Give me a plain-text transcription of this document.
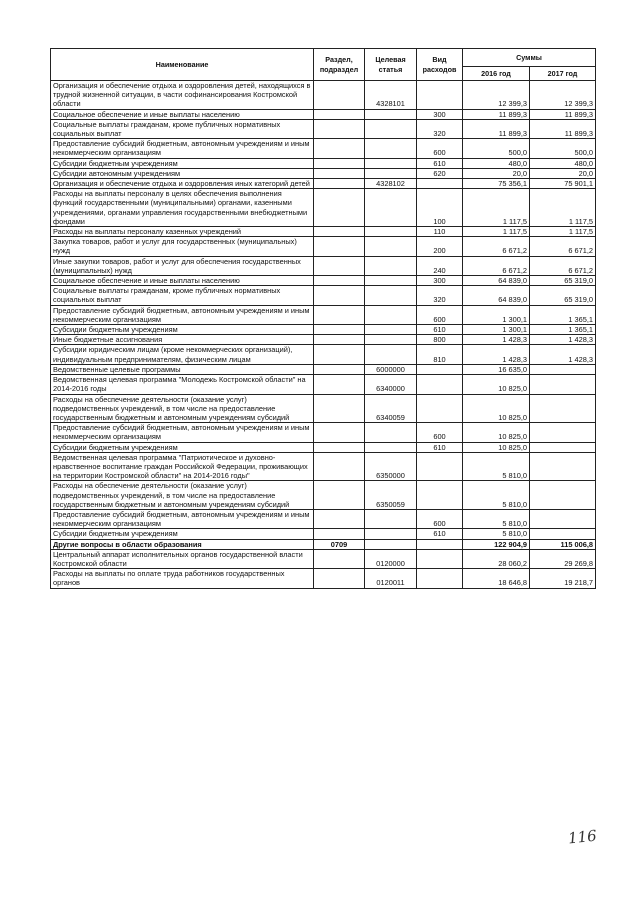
Наименование	Раздел, подраздел	Целевая статья	Вид расходов	Суммы	
				2016 год	2017 год
Организация и обеспечение отдыха и оздоровления детей, находящихся в трудной жизненной ситуации, в части софинансирования Костромской области		4328101		12 399,3	12 399,3
Социальное обеспечение и иные выплаты населению			300	11 899,3	11 899,3
Социальные выплаты гражданам, кроме публичных нормативных социальных выплат			320	11 899,3	11 899,3
Предоставление субсидий бюджетным, автономным учреждениям и иным некоммерческим организациям			600	500,0	500,0
Субсидии бюджетным учреждениям			610	480,0	480,0
Субсидии автономным учреждениям			620	20,0	20,0
Организация и обеспечение отдыха и оздоровления иных категорий детей		4328102		75 356,1	75 901,1
Расходы на выплаты персоналу в целях обеспечения выполнения функций государственными (муниципальными) органами, казенными учреждениями, органами управления государственными внебюджетными фондами			100	1 117,5	1 117,5
Расходы на выплаты персоналу казенных учреждений			110	1 117,5	1 117,5
Закупка товаров, работ и услуг для государственных (муниципальных) нужд			200	6 671,2	6 671,2
Иные закупки товаров, работ и услуг для обеспечения государственных (муниципальных) нужд			240	6 671,2	6 671,2
Социальное обеспечение и иные выплаты населению			300	64 839,0	65 319,0
Социальные выплаты гражданам, кроме публичных нормативных социальных выплат			320	64 839,0	65 319,0
Предоставление субсидий бюджетным, автономным учреждениям и иным некоммерческим организациям			600	1 300,1	1 365,1
Субсидии бюджетным учреждениям			610	1 300,1	1 365,1
Иные бюджетные ассигнования			800	1 428,3	1 428,3
Субсидии юридическим лицам (кроме некоммерческих организаций), индивидуальным предпринимателям, физическим лицам			810	1 428,3	1 428,3
Ведомственные целевые программы		6000000		16 635,0	
Ведомственная целевая программа "Молодежь Костромской области" на 2014-2016 годы		6340000		10 825,0	
Расходы на обеспечение деятельности (оказание услуг) подведомственных учреждений, в том числе на предоставление государственным бюджетным и автономным учреждениям субсидий		6340059		10 825,0	
Предоставление субсидий бюджетным, автономным учреждениям и иным некоммерческим организациям			600	10 825,0	
Субсидии бюджетным учреждениям			610	10 825,0	
Ведомственная целевая программа "Патриотическое и духовно-нравственное воспитание граждан Российской Федерации, проживающих на территории Костромской области" на 2014-2016 годы"		6350000		5 810,0	
Расходы на обеспечение деятельности (оказание услуг) подведомственных учреждений, в том числе на предоставление государственным бюджетным и автономным учреждениям субсидий		6350059		5 810,0	
Предоставление субсидий бюджетным, автономным учреждениям и иным некоммерческим организациям			600	5 810,0	
Субсидии бюджетным учреждениям			610	5 810,0	
Другие вопросы в области образования	0709			122 904,9	115 006,8
Центральный аппарат исполнительных органов государственной власти Костромской области		0120000		28 060,2	29 269,8
Расходы на выплаты по оплате труда работников государственных органов		0120011		18 646,8	19 218,7
116
